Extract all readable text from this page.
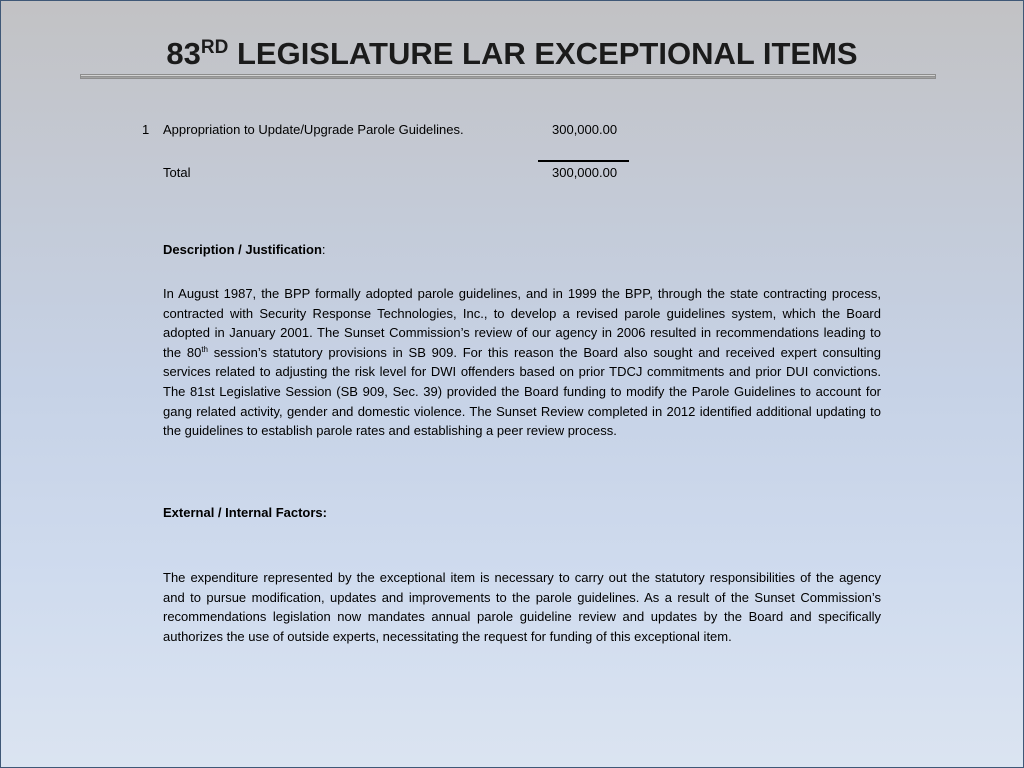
83RD LEGISLATURE LAR EXCEPTIONAL ITEMS
1 Appropriation to Update/Upgrade Parole Guidelines.	300,000.00
Total	300,000.00
Description / Justification:

In August 1987, the BPP formally adopted parole guidelines, and in 1999 the BPP, through the state contracting process, contracted with Security Response Technologies, Inc., to develop a revised parole guidelines system, which the Board adopted in January 2001. The Sunset Commission’s review of our agency in 2006 resulted in recommendations leading to the 80th session’s statutory provisions in SB 909. For this reason the Board also sought and received expert consulting services related to adjusting the risk level for DWI offenders based on prior TDCJ commitments and prior DUI convictions. The 81st Legislative Session (SB 909, Sec. 39) provided the Board funding to modify the Parole Guidelines to account for gang related activity, gender and domestic violence. The Sunset Review completed in 2012 identified additional updating to the guidelines to establish parole rates and establishing a peer review process.

External / Internal Factors:

The expenditure represented by the exceptional item is necessary to carry out the statutory responsibilities of the agency and to pursue modification, updates and improvements to the parole guidelines. As a result of the Sunset Commission’s recommendations legislation now mandates annual parole guideline review and updates by the Board and specifically authorizes the use of outside experts, necessitating the request for funding of this exceptional item.
